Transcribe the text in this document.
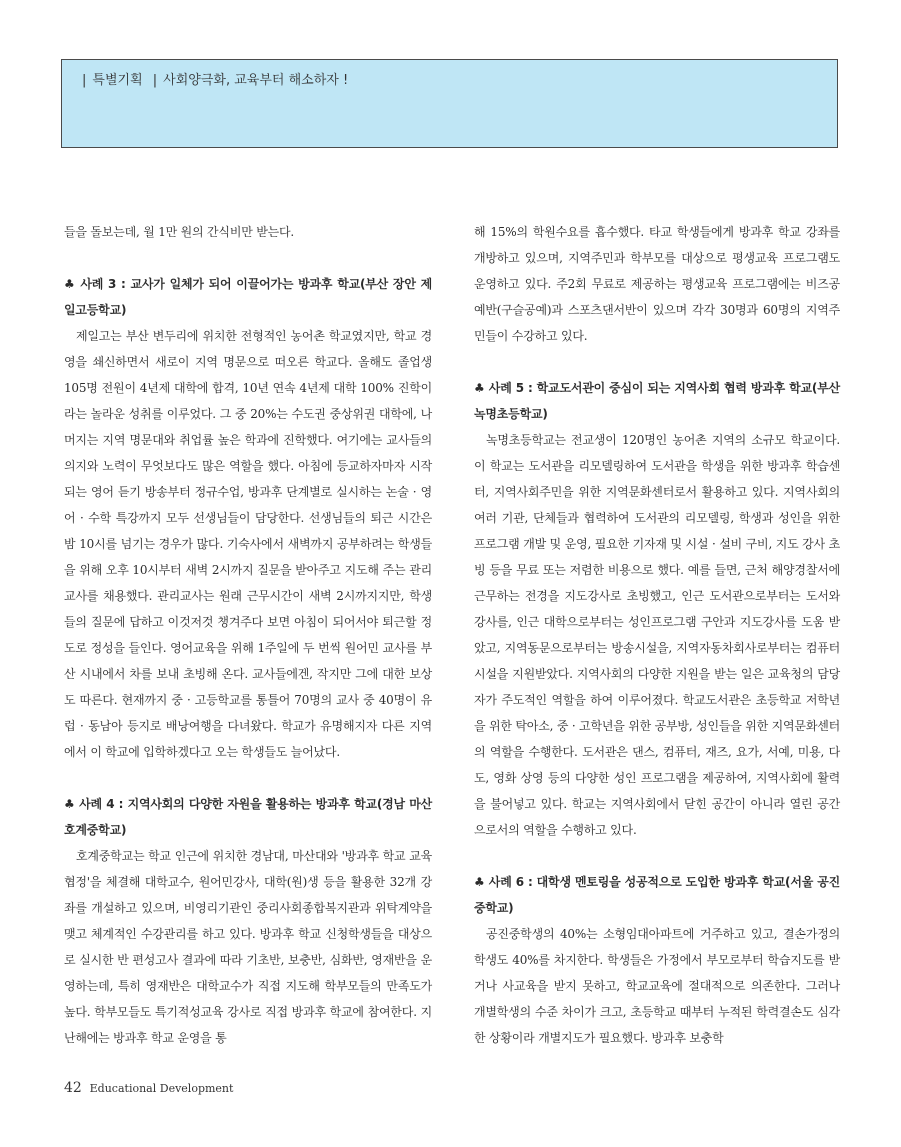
| 특별기획 | 사회양극화, 교육부터 해소하자 !

들을 돌보는데, 월 1만 원의 간식비만 받는다.

♣ 사례 3 : 교사가 일체가 되어 이끌어가는 방과후 학교(부산 장안 제일고등학교)

제일고는 부산 변두리에 위치한 전형적인 농어촌 학교였지만, 학교 경영을 쇄신하면서 새로이 지역 명문으로 떠오른 학교다. 올해도 졸업생 105명 전원이 4년제 대학에 합격, 10년 연속 4년제 대학 100% 진학이라는 놀라운 성취를 이루었다. 그 중 20%는 수도권 중상위권 대학에, 나머지는 지역 명문대와 취업률 높은 학과에 진학했다. 여기에는 교사들의 의지와 노력이 무엇보다도 많은 역할을 했다. 아침에 등교하자마자 시작되는 영어 듣기 방송부터 정규수업, 방과후 단계별로 실시하는 논술 · 영어 · 수학 특강까지 모두 선생님들이 담당한다. 선생님들의 퇴근 시간은 밤 10시를 넘기는 경우가 많다. 기숙사에서 새벽까지 공부하려는 학생들을 위해 오후 10시부터 새벽 2시까지 질문을 받아주고 지도해 주는 관리교사를 채용했다. 관리교사는 원래 근무시간이 새벽 2시까지지만, 학생들의 질문에 답하고 이것저것 챙겨주다 보면 아침이 되어서야 퇴근할 정도로 정성을 들인다. 영어교육을 위해 1주일에 두 번씩 원어민 교사를 부산 시내에서 차를 보내 초빙해 온다. 교사들에겐, 작지만 그에 대한 보상도 따른다. 현재까지 중 · 고등학교를 통틀어 70명의 교사 중 40명이 유럽 · 동남아 등지로 배낭여행을 다녀왔다. 학교가 유명해지자 다른 지역에서 이 학교에 입학하겠다고 오는 학생들도 늘어났다.

♣ 사례 4 : 지역사회의 다양한 자원을 활용하는 방과후 학교(경남 마산 호계중학교)

호계중학교는 학교 인근에 위치한 경남대, 마산대와 '방과후 학교 교육협정'을 체결해 대학교수, 원어민강사, 대학(원)생 등을 활용한 32개 강좌를 개설하고 있으며, 비영리기관인 중리사회종합복지관과 위탁계약을 맺고 체계적인 수강관리를 하고 있다. 방과후 학교 신청학생들을 대상으로 실시한 반 편성고사 결과에 따라 기초반, 보충반, 심화반, 영재반을 운영하는데, 특히 영재반은 대학교수가 직접 지도해 학부모들의 만족도가 높다. 학부모들도 특기적성교육 강사로 직접 방과후 학교에 참여한다. 지난해에는 방과후 학교 운영을 통

해 15%의 학원수요를 흡수했다. 타교 학생들에게 방과후 학교 강좌를 개방하고 있으며, 지역주민과 학부모를 대상으로 평생교육 프로그램도 운영하고 있다. 주2회 무료로 제공하는 평생교육 프로그램에는 비즈공예반(구슬공예)과 스포츠댄서반이 있으며 각각 30명과 60명의 지역주민들이 수강하고 있다.

♣ 사례 5 : 학교도서관이 중심이 되는 지역사회 협력 방과후 학교(부산 녹명초등학교)

녹명초등학교는 전교생이 120명인 농어촌 지역의 소규모 학교이다. 이 학교는 도서관을 리모델링하여 도서관을 학생을 위한 방과후 학습센터, 지역사회주민을 위한 지역문화센터로서 활용하고 있다. 지역사회의 여러 기관, 단체들과 협력하여 도서관의 리모델링, 학생과 성인을 위한 프로그램 개발 및 운영, 필요한 기자재 및 시설 · 설비 구비, 지도 강사 초빙 등을 무료 또는 저렴한 비용으로 했다. 예를 들면, 근처 해양경찰서에 근무하는 전경을 지도강사로 초빙했고, 인근 도서관으로부터는 도서와 강사를, 인근 대학으로부터는 성인프로그램 구안과 지도강사를 도움 받았고, 지역동문으로부터는 방송시설을, 지역자동차회사로부터는 컴퓨터 시설을 지원받았다. 지역사회의 다양한 지원을 받는 일은 교육청의 담당자가 주도적인 역할을 하여 이루어졌다. 학교도서관은 초등학교 저학년을 위한 탁아소, 중 · 고학년을 위한 공부방, 성인들을 위한 지역문화센터의 역할을 수행한다. 도서관은 댄스, 컴퓨터, 재즈, 요가, 서예, 미용, 다도, 영화 상영 등의 다양한 성인 프로그램을 제공하여, 지역사회에 활력을 불어넣고 있다. 학교는 지역사회에서 닫힌 공간이 아니라 열린 공간으로서의 역할을 수행하고 있다.

♣ 사례 6 : 대학생 멘토링을 성공적으로 도입한 방과후 학교(서울 공진중학교)

공진중학생의 40%는 소형임대아파트에 거주하고 있고, 결손가정의 학생도 40%를 차지한다. 학생들은 가정에서 부모로부터 학습지도를 받거나 사교육을 받지 못하고, 학교교육에 절대적으로 의존한다. 그러나 개별학생의 수준 차이가 크고, 초등학교 때부터 누적된 학력결손도 심각한 상황이라 개별지도가 필요했다. 방과후 보충학

42 Educational Development
